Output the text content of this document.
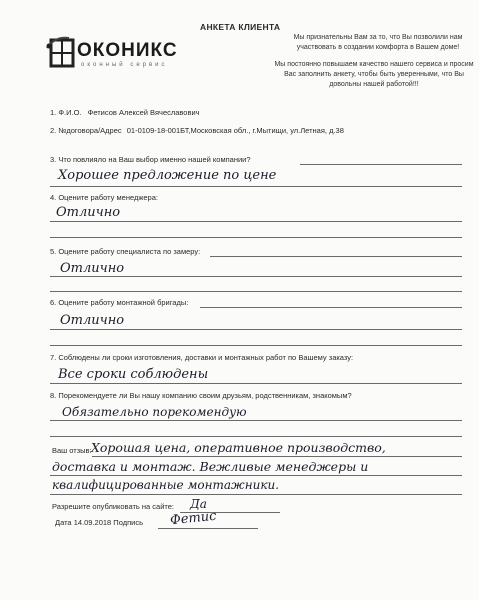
АНКЕТА КЛИЕНТА
ОКОНИКС
оконный сервис
Мы признательны Вам за то, что Вы позволили нам
участвовать в создании комфорта в Вашем доме!
Мы постоянно повышаем качество нашего сервиса и просим
Вас заполнить анкету, чтобы быть уверенными, что Вы
довольны нашей работой!!!
1. Ф.И.О. Фетисов Алексей Вячеславович
2. №договора/Адрес 01-0109-18-001БТ,Московская обл., г.Мытищи, ул.Летная, д.38
3. Что повлияло на Ваш выбор именно нашей компании?
Хорошее предложение по цене
4. Оцените работу менеджера:
Отлично
5. Оцените работу специалиста по замеру:
Отлично
6. Оцените работу монтажной бригады:
Отлично
7. Соблюдены ли сроки изготовления, доставки и монтажных работ по Вашему заказу:
Все сроки соблюдены
8. Порекомендуете ли Вы нашу компанию своим друзьям, родственникам, знакомым?
Обязательно порекомендую
Ваш отзыв: Хорошая цена, оперативное производство,
доставка и монтаж. Вежливые менеджеры и
квалифицированные монтажники.
Разрешите опубликовать на сайте: Да
Дата 14.09.2018 Подпись Фетис
